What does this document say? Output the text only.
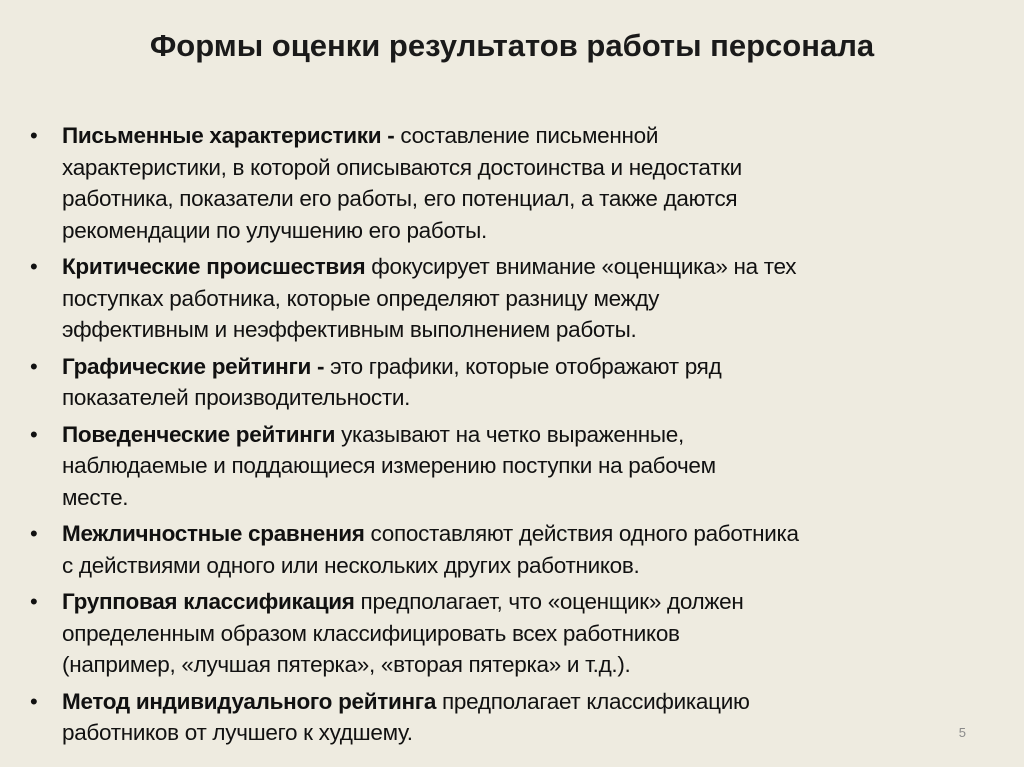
Формы оценки результатов работы персонала
• Письменные характеристики - составление письменной
характеристики, в которой описываются достоинства и недостатки
работника, показатели его работы, его потенциал, а также даются
рекомендации по улучшению его работы.
• Критические происшествия фокусирует внимание «оценщика» на тех
поступках работника, которые определяют разницу между
эффективным и неэффективным выполнением работы.
• Графические рейтинги - это графики, которые отображают ряд
показателей производительности.
• Поведенческие рейтинги указывают на четко выраженные,
наблюдаемые и поддающиеся измерению поступки на рабочем
месте.
• Межличностные сравнения сопоставляют действия одного работника
с действиями одного или нескольких других работников.
• Групповая классификация предполагает, что «оценщик» должен
определенным образом классифицировать всех работников
(например, «лучшая пятерка», «вторая пятерка» и т.д.).
• Метод индивидуального рейтинга предполагает классификацию
работников от лучшего к худшему.	5
